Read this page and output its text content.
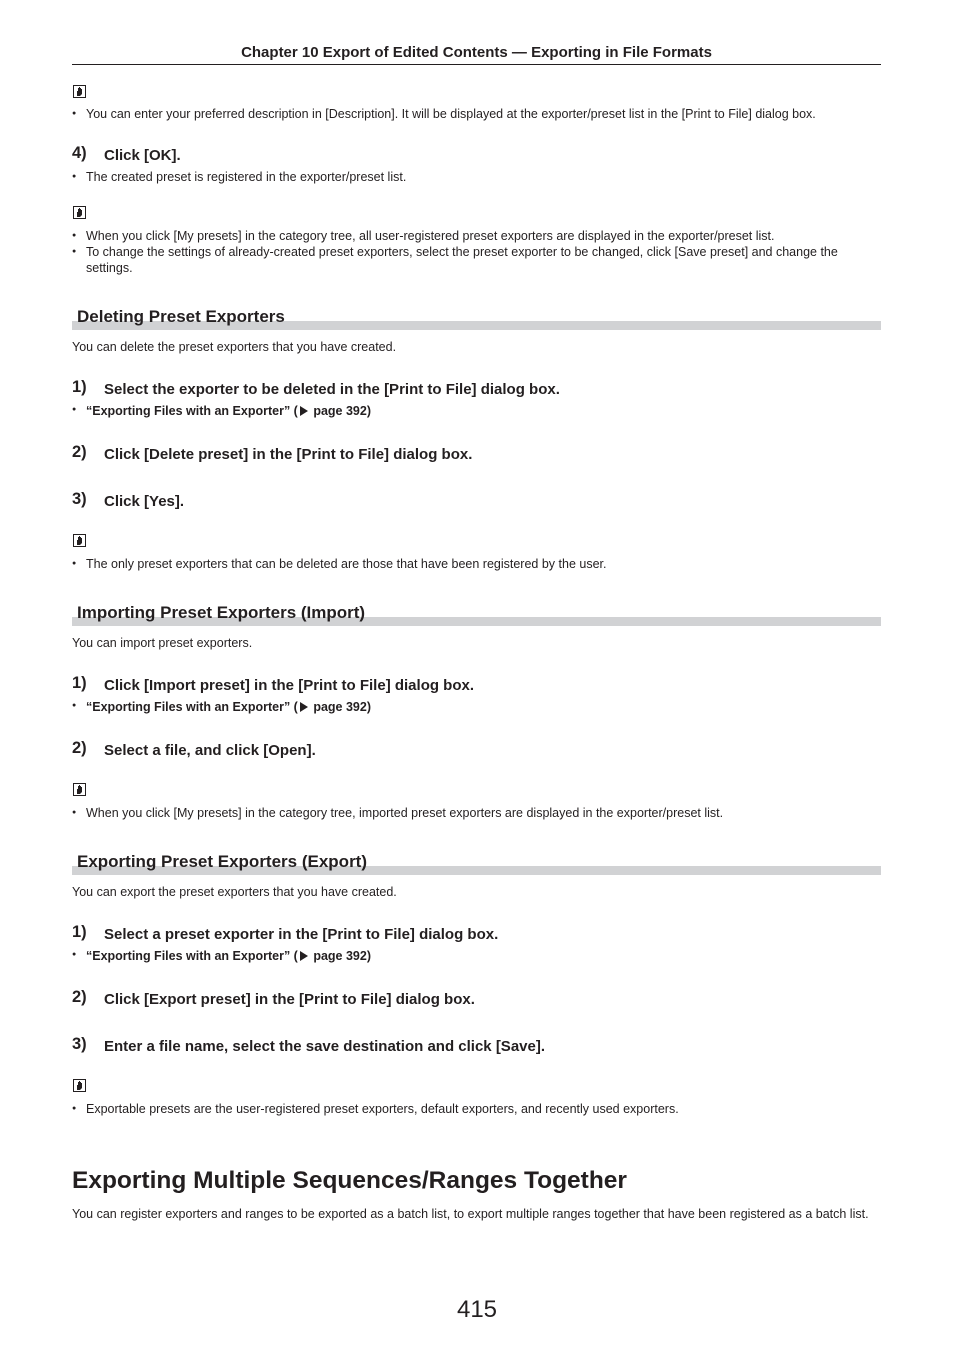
Chapter 10 Export of Edited Contents — Exporting in File Formats
● You can enter your preferred description in [Description]. It will be displayed at the exporter/preset list in the [Print to File] dialog box.
4) Click [OK].
● The created preset is registered in the exporter/preset list.
● When you click [My presets] in the category tree, all user-registered preset exporters are displayed in the exporter/preset list.
● To change the settings of already-created preset exporters, select the preset exporter to be changed, click [Save preset] and change the settings.
Deleting Preset Exporters
You can delete the preset exporters that you have created.
1) Select the exporter to be deleted in the [Print to File] dialog box.
● “Exporting Files with an Exporter” ( page 392)
2) Click [Delete preset] in the [Print to File] dialog box.
3) Click [Yes].
● The only preset exporters that can be deleted are those that have been registered by the user.
Importing Preset Exporters (Import)
You can import preset exporters.
1) Click [Import preset] in the [Print to File] dialog box.
● “Exporting Files with an Exporter” ( page 392)
2) Select a file, and click [Open].
● When you click [My presets] in the category tree, imported preset exporters are displayed in the exporter/preset list.
Exporting Preset Exporters (Export)
You can export the preset exporters that you have created.
1) Select a preset exporter in the [Print to File] dialog box.
● “Exporting Files with an Exporter” ( page 392)
2) Click [Export preset] in the [Print to File] dialog box.
3) Enter a file name, select the save destination and click [Save].
● Exportable presets are the user-registered preset exporters, default exporters, and recently used exporters.
Exporting Multiple Sequences/Ranges Together
You can register exporters and ranges to be exported as a batch list, to export multiple ranges together that have been registered as a batch list.
415
